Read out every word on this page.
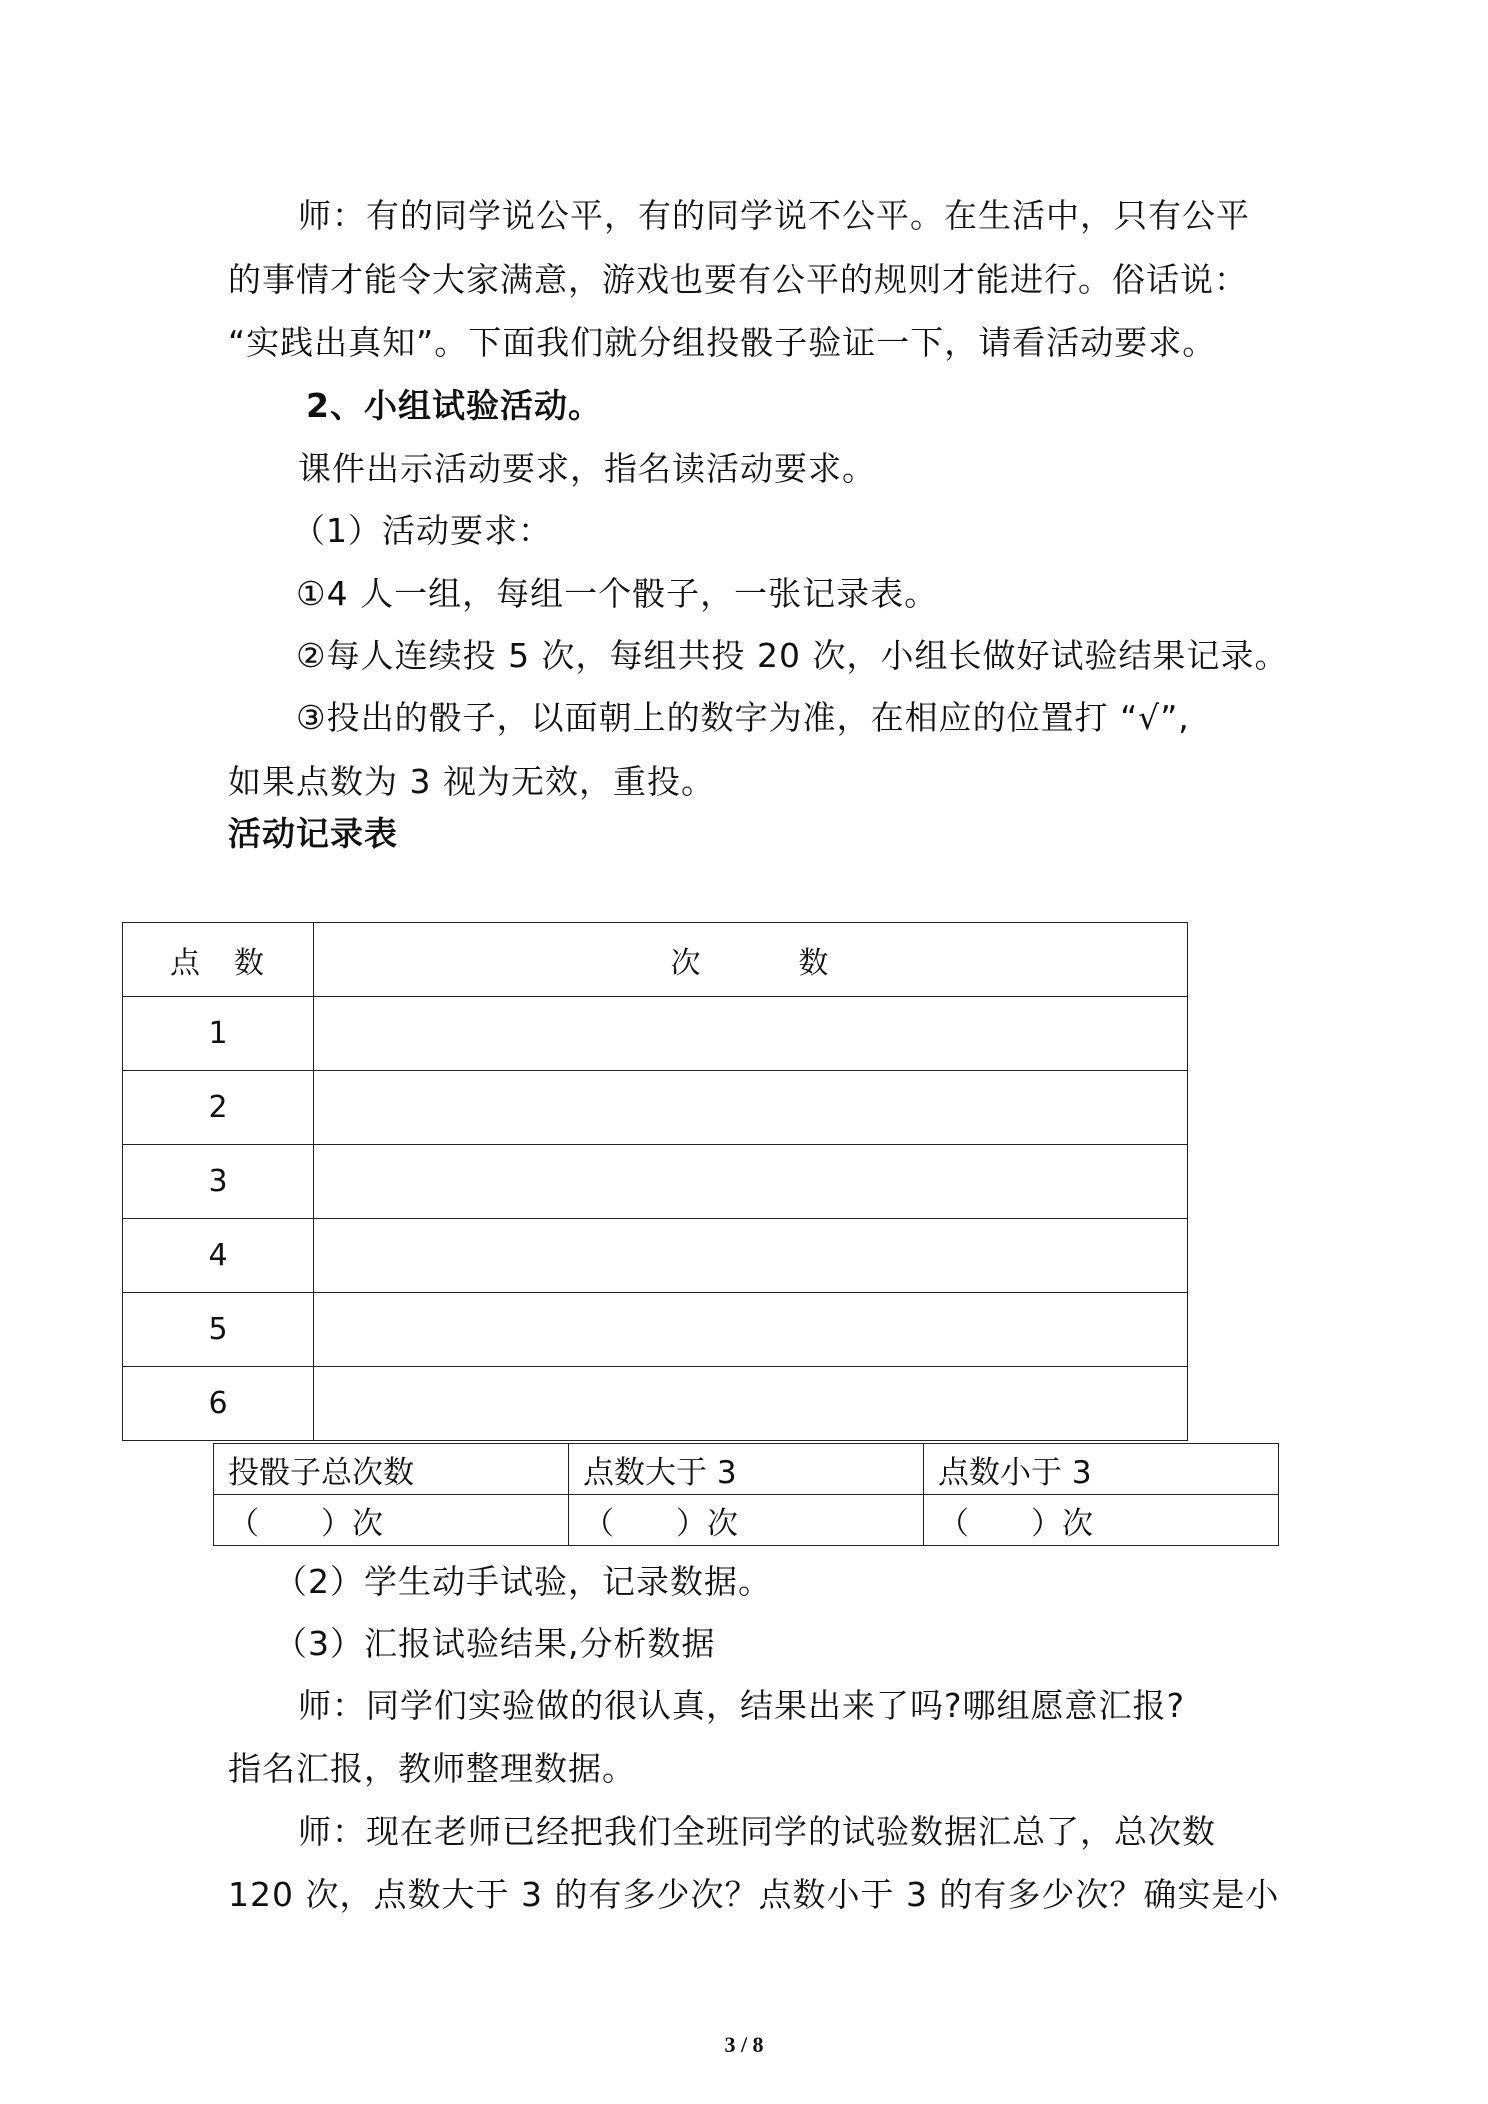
师：有的同学说公平，有的同学说不公平。在生活中，只有公平
的事情才能令大家满意，游戏也要有公平的规则才能进行。俗话说：
“实践出真知”。下面我们就分组投骰子验证一下，请看活动要求。
2、小组试验活动。
课件出示活动要求，指名读活动要求。
（1）活动要求：
①4 人一组，每组一个骰子，一张记录表。
②每人连续投 5 次，每组共投 20 次，小组长做好试验结果记录。
③投出的骰子，以面朝上的数字为准，在相应的位置打 “√”,
如果点数为 3 视为无效，重投。
活动记录表
点　数	次　　　数
1	
2	
3	
4	
5	
6	
投骰子总次数	点数大于 3	点数小于 3
（　　）次	（　　）次	（　　）次
（2）学生动手试验，记录数据。
（3）汇报试验结果,分析数据
师：同学们实验做的很认真，结果出来了吗?哪组愿意汇报?
指名汇报，教师整理数据。
师：现在老师已经把我们全班同学的试验数据汇总了，总次数
120 次，点数大于 3 的有多少次？点数小于 3 的有多少次？确实是小
3 / 8
